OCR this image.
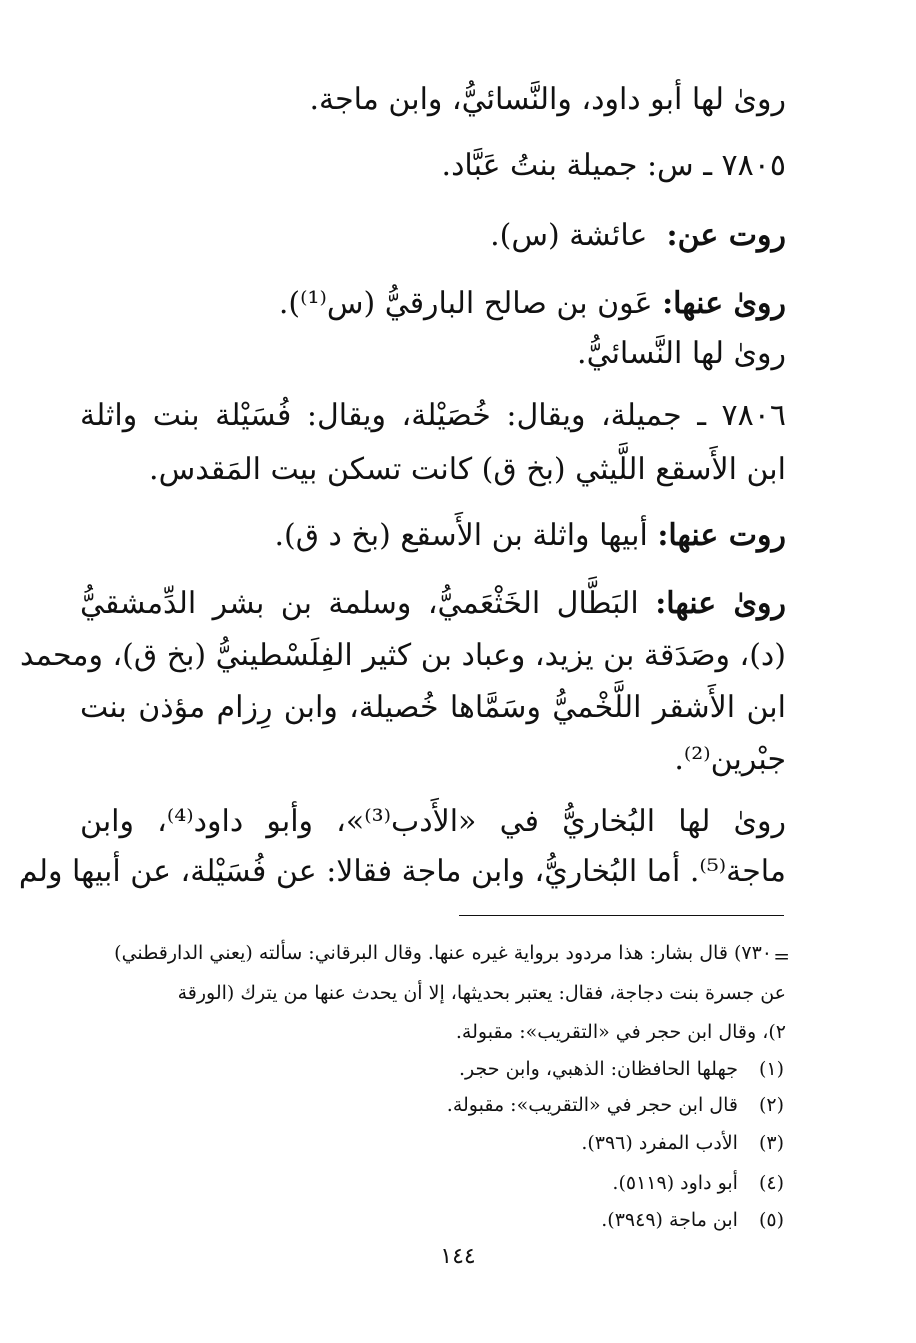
رویٰ لها أبو داود، والنَّسائيُّ، وابن ماجة.
٧٨٠٥ ـ س: جميلة بنتُ عَبَّاد.
روت عن:  عائشة (س).
رویٰ عنها: عَون بن صالح البارقيُّ (س⁽¹⁾).
رویٰ لها النَّسائيُّ.
٧٨٠٦ ـ جميلة، ويقال: خُصَيْلة، ويقال: فُسَيْلة بنت واثلة
ابن الأَسقع اللَّيثي (بخ ق) كانت تسكن بيت المَقدس.
روت عنها: أبيها واثلة بن الأَسقع (بخ د ق).
رویٰ عنها: البَطَّال الخَثْعَميُّ، وسلمة بن بشر الدِّمشقيُّ
(د)، وصَدَقة بن يزيد، وعباد بن كثير الفِلَسْطينيُّ (بخ ق)، ومحمد
ابن الأَشقر اللَّخْميُّ وسَمَّاها خُصيلة، وابن رِزام مؤذن بنت
جبْرين⁽²⁾.
رویٰ لها البُخاريُّ في «الأَدب⁽³⁾»، وأبو داود⁽⁴⁾، وابن
ماجة⁽⁵⁾. أما البُخاريُّ، وابن ماجة فقالا: عن فُسَيْلة، عن أبيها ولم
=
٧٣٠) قال بشار: هذا مردود برواية غيره عنها. وقال البرقاني: سألته (يعني الدارقطني)
عن جسرة بنت دجاجة، فقال: يعتبر بحديثها، إلا أن يحدث عنها من يترك (الورقة
٢)، وقال ابن حجر في «التقريب»: مقبولة.
(١) جهلها الحافظان: الذهبي، وابن حجر.
(٢) قال ابن حجر في «التقريب»: مقبولة.
(٣) الأدب المفرد (٣٩٦).
(٤) أبو داود (٥١١٩).
(٥) ابن ماجة (٣٩٤٩).
١٤٤
